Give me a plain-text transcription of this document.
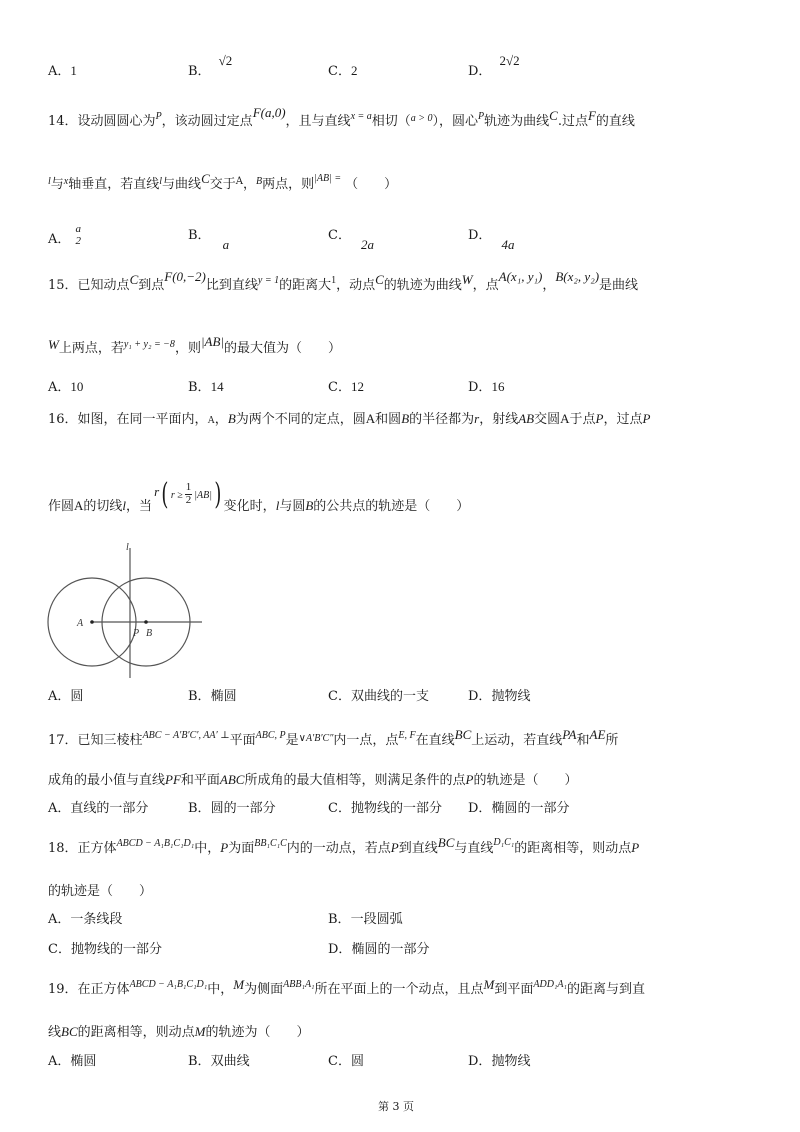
A．1	B．√2
C．2	D．2√2
14．设动圆圆心为$^P$，该动圆过定点F(a,0)，且与直线$^{x = a}$相切（$^{a > 0}$），圆心$^P$轨迹为曲线C.过点F的直线
$^l$与$^x$轴垂直，若直线$^l$与曲线C交于$^A$，$^B$两点，则$^{|AB| =}$ （　　）
A．
a
2	B．a
C．2a
D．4a
15．已知动点C到点F(0,−2)比到直线$^{y = 1}$的距离大$^1$，动点C的轨迹为曲线W，点A(x₁, y₁)，B(x₂, y₂)是曲线
W上两点，若$^{y_1 + y_2 = -8}$，则|AB|的最大值为（　　）
A．10	B．14	C．12	D．16
16．如图，在同一平面内，A，B为两个不同的定点，圆A和圆B的半径都为r，射线AB交圆A于点P，过点P
作圆A的切线l，当r( $^{r \ge} \frac{1}{2} ^{|AB|}$) 变化时，l与圆B的公共点的轨迹是（　　）
l
A
P B
A．圆	B．椭圆	C．双曲线的一支	D．抛物线
17．已知三棱柱$^{ABC - A'B'C', AA' \perp}$平面$^{ABC, P}$是$^{\vee A'B'C''}$内一点，点$^{E, F}$在直线BC上运动，若直线PA和AE所
成角的最小值与直线PF和平面ABC所成角的最大值相等，则满足条件的点P的轨迹是（　　）
A．直线的一部分	B．圆的一部分	C．抛物线的一部分 D．椭圆的一部分
18．正方体$^{ABCD - A_1B_1C_1D_1}$中，P为面$^{BB_1C_1C}$内的一动点，若点P到直线BC与直线$^{D_1C_1}$的距离相等，则动点P
的轨迹是（　　）
A．一条线段	B．一段圆弧
C．抛物线的一部分	D．椭圆的一部分
19．在正方体$^{ABCD - A_1B_1C_1D_1}$中，M为侧面$^{ABB_1A_1}$所在平面上的一个动点，且点M到平面$^{ADD_1A_1}$的距离与到直
线BC的距离相等，则动点M的轨迹为（　　）
A．椭圆	B．双曲线	C．圆	D．抛物线
第 3 页
